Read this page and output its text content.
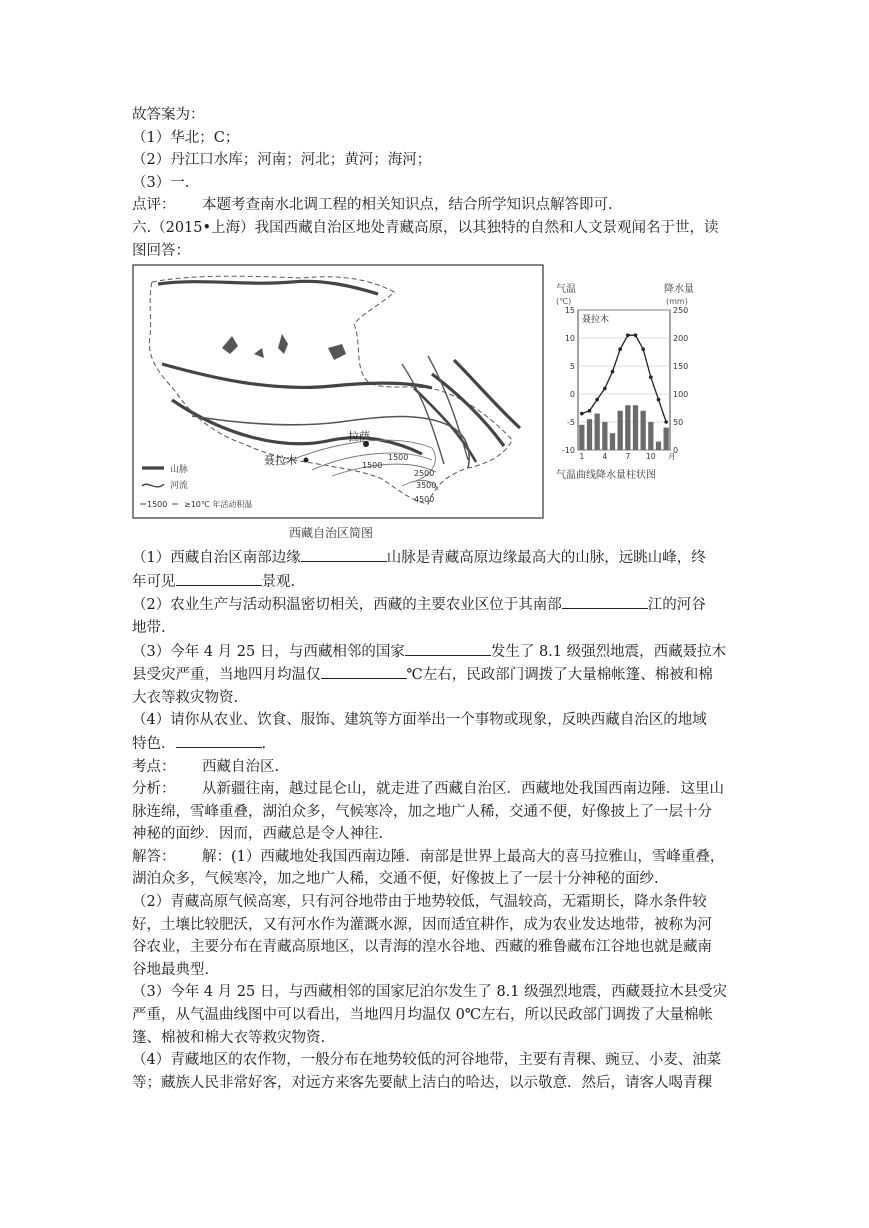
故答案为：
（1）华北；C；
（2）丹江口水库；河南；河北；黄河；海河；
（3）一.
点评：	本题考查南水北调工程的相关知识点，结合所学知识点解答即可.
六.（2015•上海）我国西藏自治区地处青藏高原，以其独特的自然和人文景观闻名于世，读
图回答：
拉萨
聂拉木	1500
1500
2500
3500
4500
山脉
河流
1500 ≥10℃ 年活动积温
西藏自治区简图
气温
(℃)
降水量
(mm)
聂拉木
15
10
5
0
-5
-10
250
200
150
100
50
0
1 4 7 10 月
气温曲线降水量柱状图
（1）西藏自治区南部边缘	山脉是青藏高原边缘最高大的山脉，远眺山峰，终
年可见	景观.
（2）农业生产与活动积温密切相关，西藏的主要农业区位于其南部	江的河谷
地带.
（3）今年 4 月 25 日，与西藏相邻的国家	发生了 8.1 级强烈地震，西藏聂拉木
县受灾严重，当地四月均温仅	℃左右，民政部门调拨了大量棉帐篷、棉被和棉
大衣等救灾物资.
（4）请你从农业、饮食、服饰、建筑等方面举出一个事物或现象，反映西藏自治区的地域
特色．	.
考点：	西藏自治区.
分析：	从新疆往南，越过昆仑山，就走进了西藏自治区．西藏地处我国西南边陲．这里山
脉连绵，雪峰重叠，湖泊众多，气候寒冷，加之地广人稀，交通不便，好像披上了一层十分
神秘的面纱．因而，西藏总是令人神往.
解答：	解：(1）西藏地处我国西南边陲．南部是世界上最高大的喜马拉雅山，雪峰重叠，
湖泊众多，气候寒冷，加之地广人稀，交通不便，好像披上了一层十分神秘的面纱.
（2）青藏高原气候高寒，只有河谷地带由于地势较低，气温较高，无霜期长，降水条件较
好，土壤比较肥沃，又有河水作为灌溉水源，因而适宜耕作，成为农业发达地带，被称为河
谷农业，主要分布在青藏高原地区，以青海的湟水谷地、西藏的雅鲁藏布江谷地也就是藏南
谷地最典型.
（3）今年 4 月 25 日，与西藏相邻的国家尼泊尔发生了 8.1 级强烈地震，西藏聂拉木县受灾
严重，从气温曲线图中可以看出，当地四月均温仅 0℃左右，所以民政部门调拨了大量棉帐
篷、棉被和棉大衣等救灾物资.
（4）青藏地区的农作物，一般分布在地势较低的河谷地带，主要有青稞、豌豆、小麦、油菜
等；藏族人民非常好客，对远方来客先要献上洁白的哈达，以示敬意．然后，请客人喝青稞
